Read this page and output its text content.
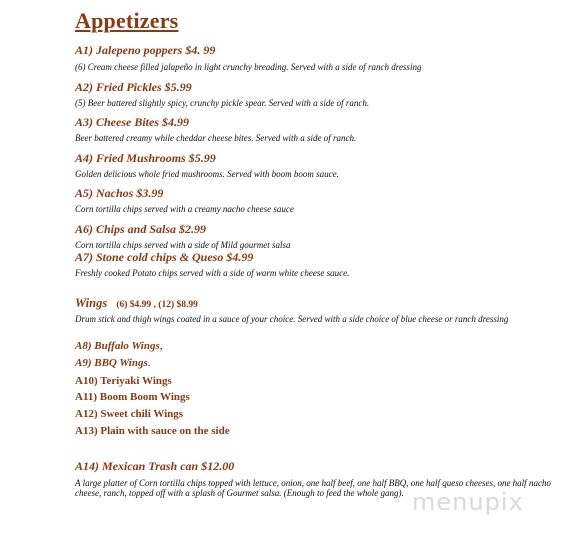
Appetizers
A1) Jalepeno poppers $4. 99
(6) Cream cheese filled jalapeño in light crunchy breading. Served with a side of ranch dressing
A2) Fried Pickles $5.99
(5) Beer battered slightly spicy, crunchy pickle spear. Served with a side of ranch.
A3) Cheese Bites $4.99
Beer battered creamy while cheddar cheese bites. Served with a side of ranch.
A4) Fried Mushrooms $5.99
Golden delicious whole fried mushrooms. Served with boom boom sauce.
A5) Nachos $3.99
Corn tortilla chips served with a creamy nacho cheese sauce
A6) Chips and Salsa $2.99
Corn tortilla chips served with a side of Mild gourmet salsa
A7) Stone cold chips & Queso $4.99
Freshly cooked Potato chips served with a side of warm white cheese sauce.
Wings (6) $4.99 , (12) $8.99
Drum stick and thigh wings coated in a sauce of your choice. Served with a side choice of blue cheese or ranch dressing
A8) Buffalo Wings,
A9) BBQ Wings.
A10) Teriyaki Wings
A11) Boom Boom Wings
A12) Sweet chili Wings
A13) Plain with sauce on the side
A14) Mexican Trash can $12.00
A large platter of Corn tortilla chips topped with lettuce, onion, one half beef, one half BBQ, one half queso cheeses, one half nacho cheese, ranch, topped off with a splash of Gourmet salsa. (Enough to feed the whole gang). menupix
